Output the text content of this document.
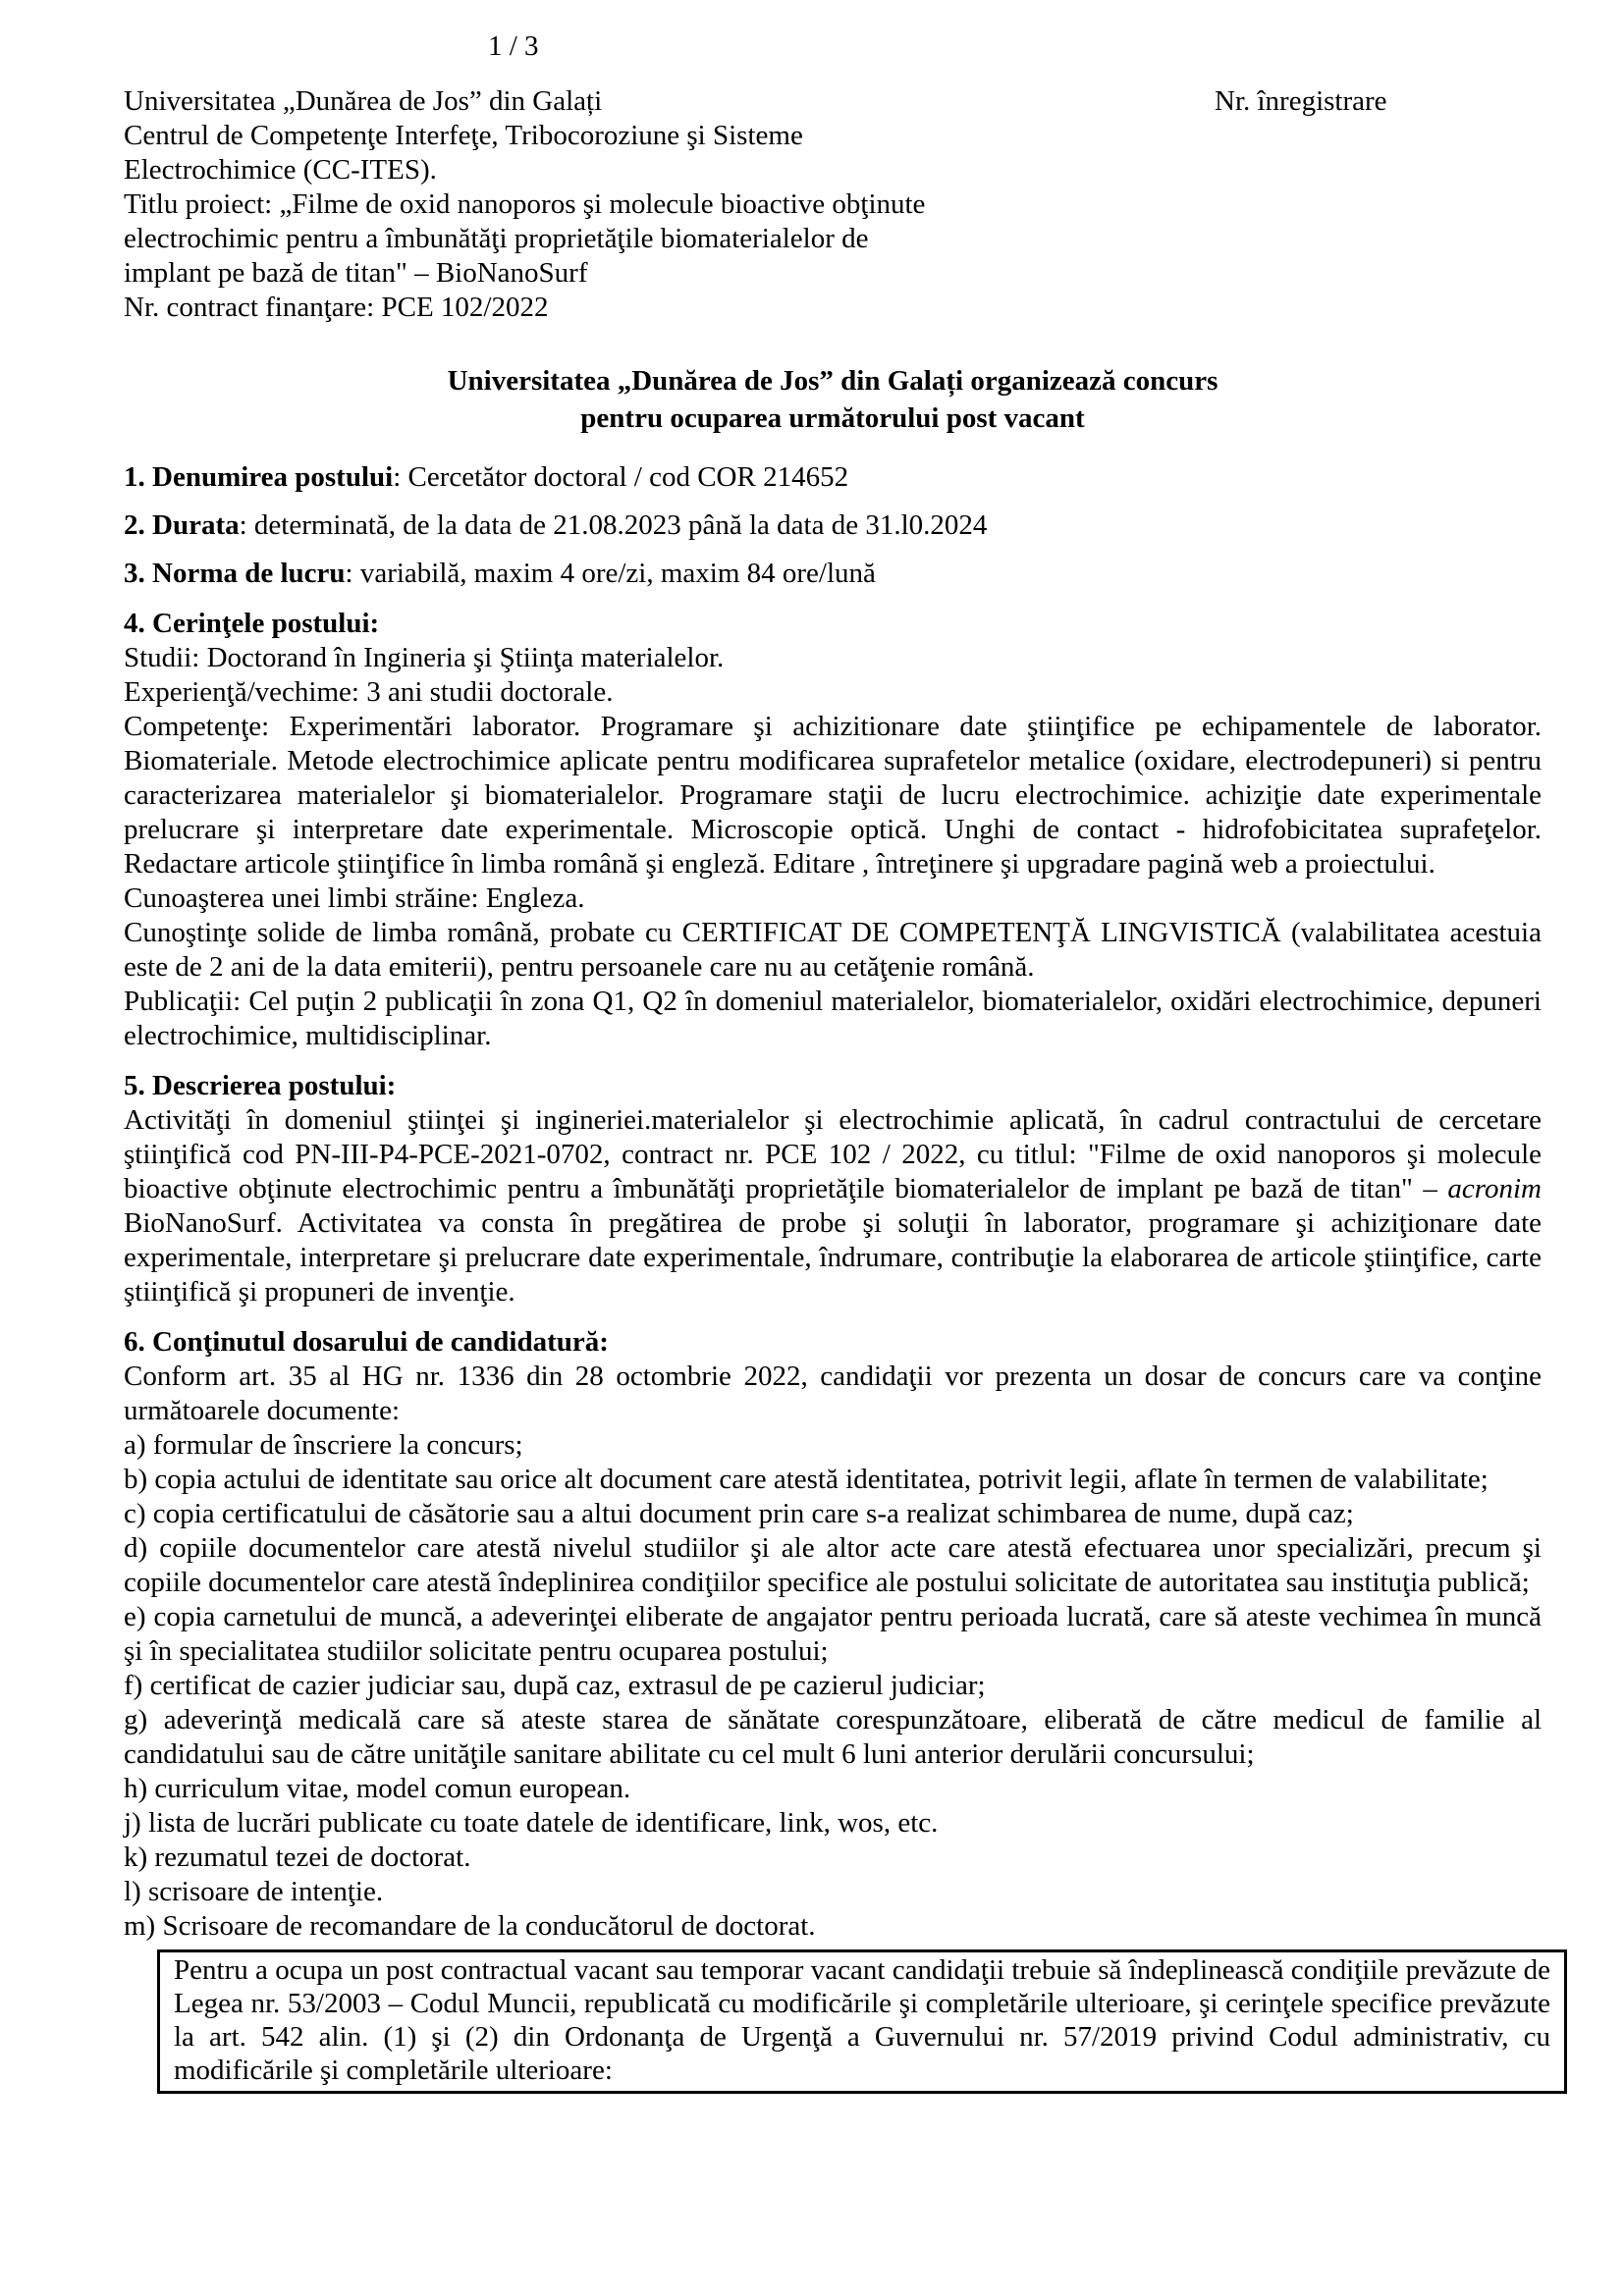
1 / 3
Nr. înregistrare
Universitatea „Dunărea de Jos” din Galați
Centrul de Competenţe Interfeţe, Tribocoroziune şi Sisteme
Electrochimice (CC-ITES).
Titlu proiect: „Filme de oxid nanoporos şi molecule bioactive obţinute
electrochimic pentru a îmbunătăţi proprietăţile biomaterialelor de
implant pe bază de titan" – BioNanoSurf
Nr. contract finanţare: PCE 102/2022
Universitatea „Dunărea de Jos” din Galați organizează concurs
pentru ocuparea următorului post vacant
1. Denumirea postului: Cercetător doctoral / cod COR 214652
2. Durata: determinată, de la data de 21.08.2023 până la data de 31.l0.2024
3. Norma de lucru: variabilă, maxim 4 ore/zi, maxim 84 ore/lună
4. Cerinţele postului:
Studii: Doctorand în Ingineria şi Ştiinţa materialelor.
Experienţă/vechime: 3 ani studii doctorale.
Competenţe: Experimentări laborator. Programare şi achizitionare date ştiinţifice pe echipamentele de laborator. Biomateriale. Metode electrochimice aplicate pentru modificarea suprafetelor metalice (oxidare, electrodepuneri) si pentru caracterizarea materialelor şi biomaterialelor. Programare staţii de lucru electrochimice. achiziţie date experimentale prelucrare şi interpretare date experimentale. Microscopie optică. Unghi de contact - hidrofobicitatea suprafeţelor. Redactare articole ştiinţifice în limba română şi engleză. Editare , întreţinere şi upgradare pagină web a proiectului.
Cunoaşterea unei limbi străine: Engleza.
Cunoştinţe solide de limba română, probate cu CERTIFICAT DE COMPETENŢĂ LINGVISTICĂ (valabilitatea acestuia este de 2 ani de la data emiterii), pentru persoanele care nu au cetăţenie română.
Publicaţii: Cel puţin 2 publicaţii în zona Q1, Q2 în domeniul materialelor, biomaterialelor, oxidări electrochimice, depuneri electrochimice, multidisciplinar.
5. Descrierea postului:
Activităţi în domeniul ştiinţei şi ingineriei.materialelor şi electrochimie aplicată, în cadrul contractului de cercetare ştiinţifică cod PN-III-P4-PCE-2021-0702, contract nr. PCE 102 / 2022, cu titlul: "Filme de oxid nanoporos şi molecule bioactive obţinute electrochimic pentru a îmbunătăţi proprietăţile biomaterialelor de implant pe bază de titan" – acronim BioNanoSurf. Activitatea va consta în pregătirea de probe şi soluţii în laborator, programare şi achiziţionare date experimentale, interpretare şi prelucrare date experimentale, îndrumare, contribuţie la elaborarea de articole ştiinţifice, carte ştiinţifică şi propuneri de invenţie.
6. Conţinutul dosarului de candidatură:
Conform art. 35 al HG nr. 1336 din 28 octombrie 2022, candidaţii vor prezenta un dosar de concurs care va conţine următoarele documente:
a) formular de înscriere la concurs;
b) copia actului de identitate sau orice alt document care atestă identitatea, potrivit legii, aflate în termen de valabilitate;
c) copia certificatului de căsătorie sau a altui document prin care s-a realizat schimbarea de nume, după caz;
d) copiile documentelor care atestă nivelul studiilor şi ale altor acte care atestă efectuarea unor specializări, precum şi copiile documentelor care atestă îndeplinirea condiţiilor specifice ale postului solicitate de autoritatea sau instituţia publică;
e) copia carnetului de muncă, a adeverinţei eliberate de angajator pentru perioada lucrată, care să ateste vechimea în muncă şi în specialitatea studiilor solicitate pentru ocuparea postului;
f) certificat de cazier judiciar sau, după caz, extrasul de pe cazierul judiciar;
g) adeverinţă medicală care să ateste starea de sănătate corespunzătoare, eliberată de către medicul de familie al candidatului sau de către unităţile sanitare abilitate cu cel mult 6 luni anterior derulării concursului;
h) curriculum vitae, model comun european.
j) lista de lucrări publicate cu toate datele de identificare, link, wos, etc.
k) rezumatul tezei de doctorat.
l) scrisoare de intenţie.
m) Scrisoare de recomandare de la conducătorul de doctorat.
Pentru a ocupa un post contractual vacant sau temporar vacant candidaţii trebuie să îndeplinească condiţiile prevăzute de Legea nr. 53/2003 – Codul Muncii, republicată cu modificările şi completările ulterioare, şi cerinţele specifice prevăzute la art. 542 alin. (1) şi (2) din Ordonanţa de Urgenţă a Guvernului nr. 57/2019 privind Codul administrativ, cu modificările şi completările ulterioare:
